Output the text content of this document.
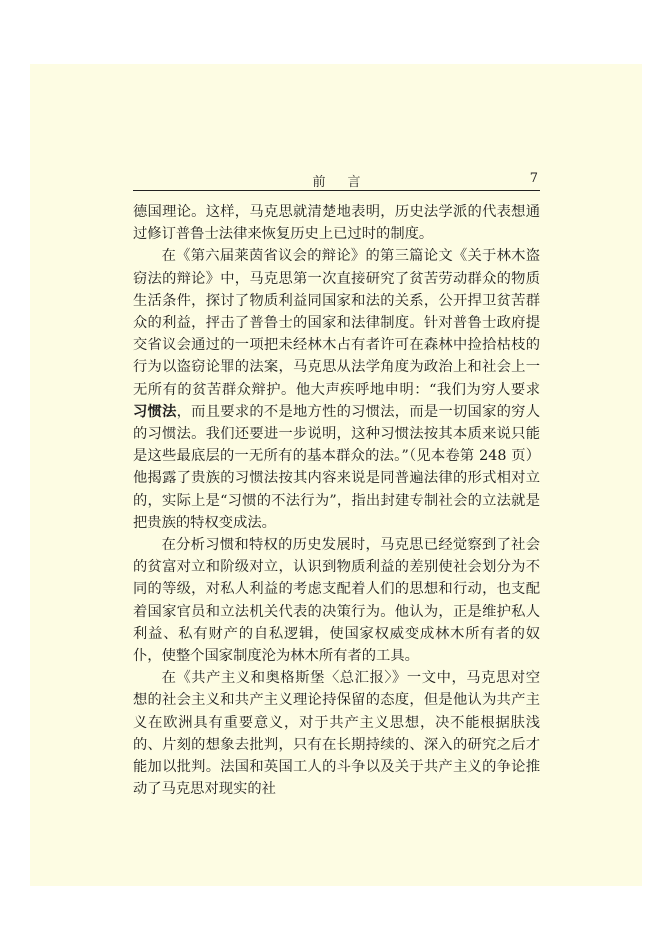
前言	7

德国理论。这样，马克思就清楚地表明，历史法学派的代表想通过修订普鲁士法律来恢复历史上已过时的制度。

在《第六届莱茵省议会的辩论》的第三篇论文《关于林木盗窃法的辩论》中，马克思第一次直接研究了贫苦劳动群众的物质生活条件，探讨了物质利益同国家和法的关系，公开捍卫贫苦群众的利益，抨击了普鲁士的国家和法律制度。针对普鲁士政府提交省议会通过的一项把未经林木占有者许可在森林中捡拾枯枝的行为以盗窃论罪的法案，马克思从法学角度为政治上和社会上一无所有的贫苦群众辩护。他大声疾呼地申明：“我们为穷人要求习惯法，而且要求的不是地方性的习惯法，而是一切国家的穷人的习惯法。我们还要进一步说明，这种习惯法按其本质来说只能是这些最底层的一无所有的基本群众的法。”（见本卷第 248 页）他揭露了贵族的习惯法按其内容来说是同普遍法律的形式相对立的，实际上是“习惯的不法行为”，指出封建专制社会的立法就是把贵族的特权变成法。

在分析习惯和特权的历史发展时，马克思已经觉察到了社会的贫富对立和阶级对立，认识到物质利益的差别使社会划分为不同的等级，对私人利益的考虑支配着人们的思想和行动，也支配着国家官员和立法机关代表的决策行为。他认为，正是维护私人利益、私有财产的自私逻辑，使国家权威变成林木所有者的奴仆，使整个国家制度沦为林木所有者的工具。

在《共产主义和奥格斯堡〈总汇报〉》一文中，马克思对空想的社会主义和共产主义理论持保留的态度，但是他认为共产主义在欧洲具有重要意义，对于共产主义思想，决不能根据肤浅的、片刻的想象去批判，只有在长期持续的、深入的研究之后才能加以批判。法国和英国工人的斗争以及关于共产主义的争论推动了马克思对现实的社
